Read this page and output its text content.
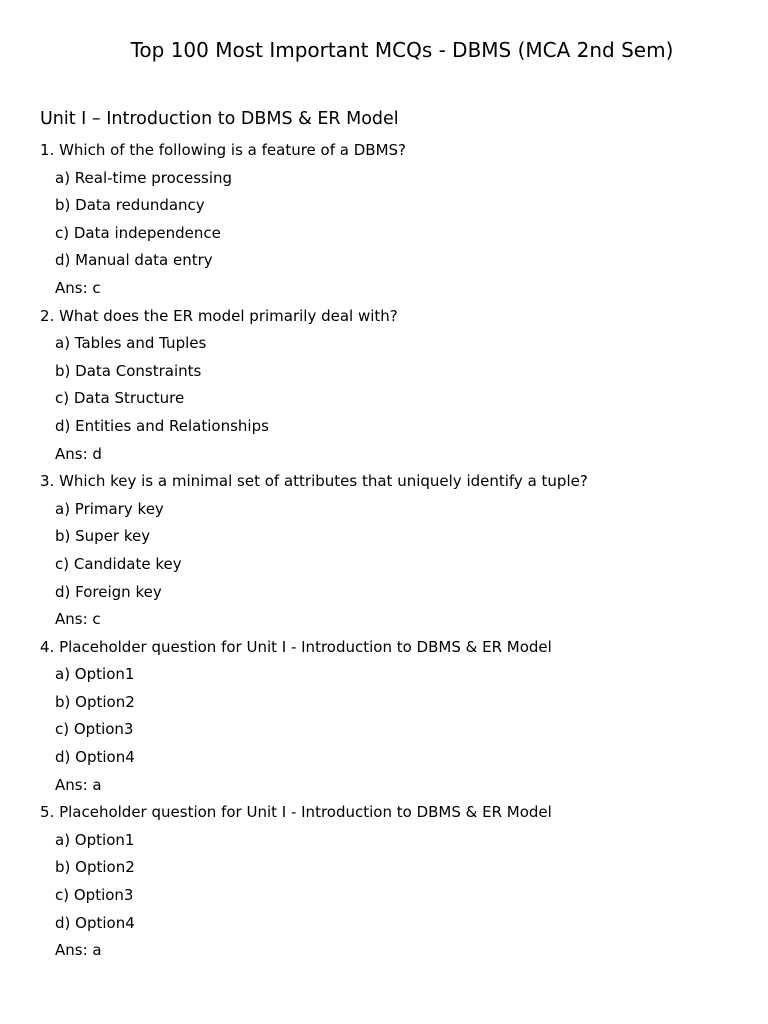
Top 100 Most Important MCQs - DBMS (MCA 2nd Sem)
Unit I – Introduction to DBMS & ER Model
1. Which of the following is a feature of a DBMS?
a) Real-time processing
b) Data redundancy
c) Data independence
d) Manual data entry
Ans: c
2. What does the ER model primarily deal with?
a) Tables and Tuples
b) Data Constraints
c) Data Structure
d) Entities and Relationships
Ans: d
3. Which key is a minimal set of attributes that uniquely identify a tuple?
a) Primary key
b) Super key
c) Candidate key
d) Foreign key
Ans: c
4. Placeholder question for Unit I - Introduction to DBMS & ER Model
a) Option1
b) Option2
c) Option3
d) Option4
Ans: a
5. Placeholder question for Unit I - Introduction to DBMS & ER Model
a) Option1
b) Option2
c) Option3
d) Option4
Ans: a
